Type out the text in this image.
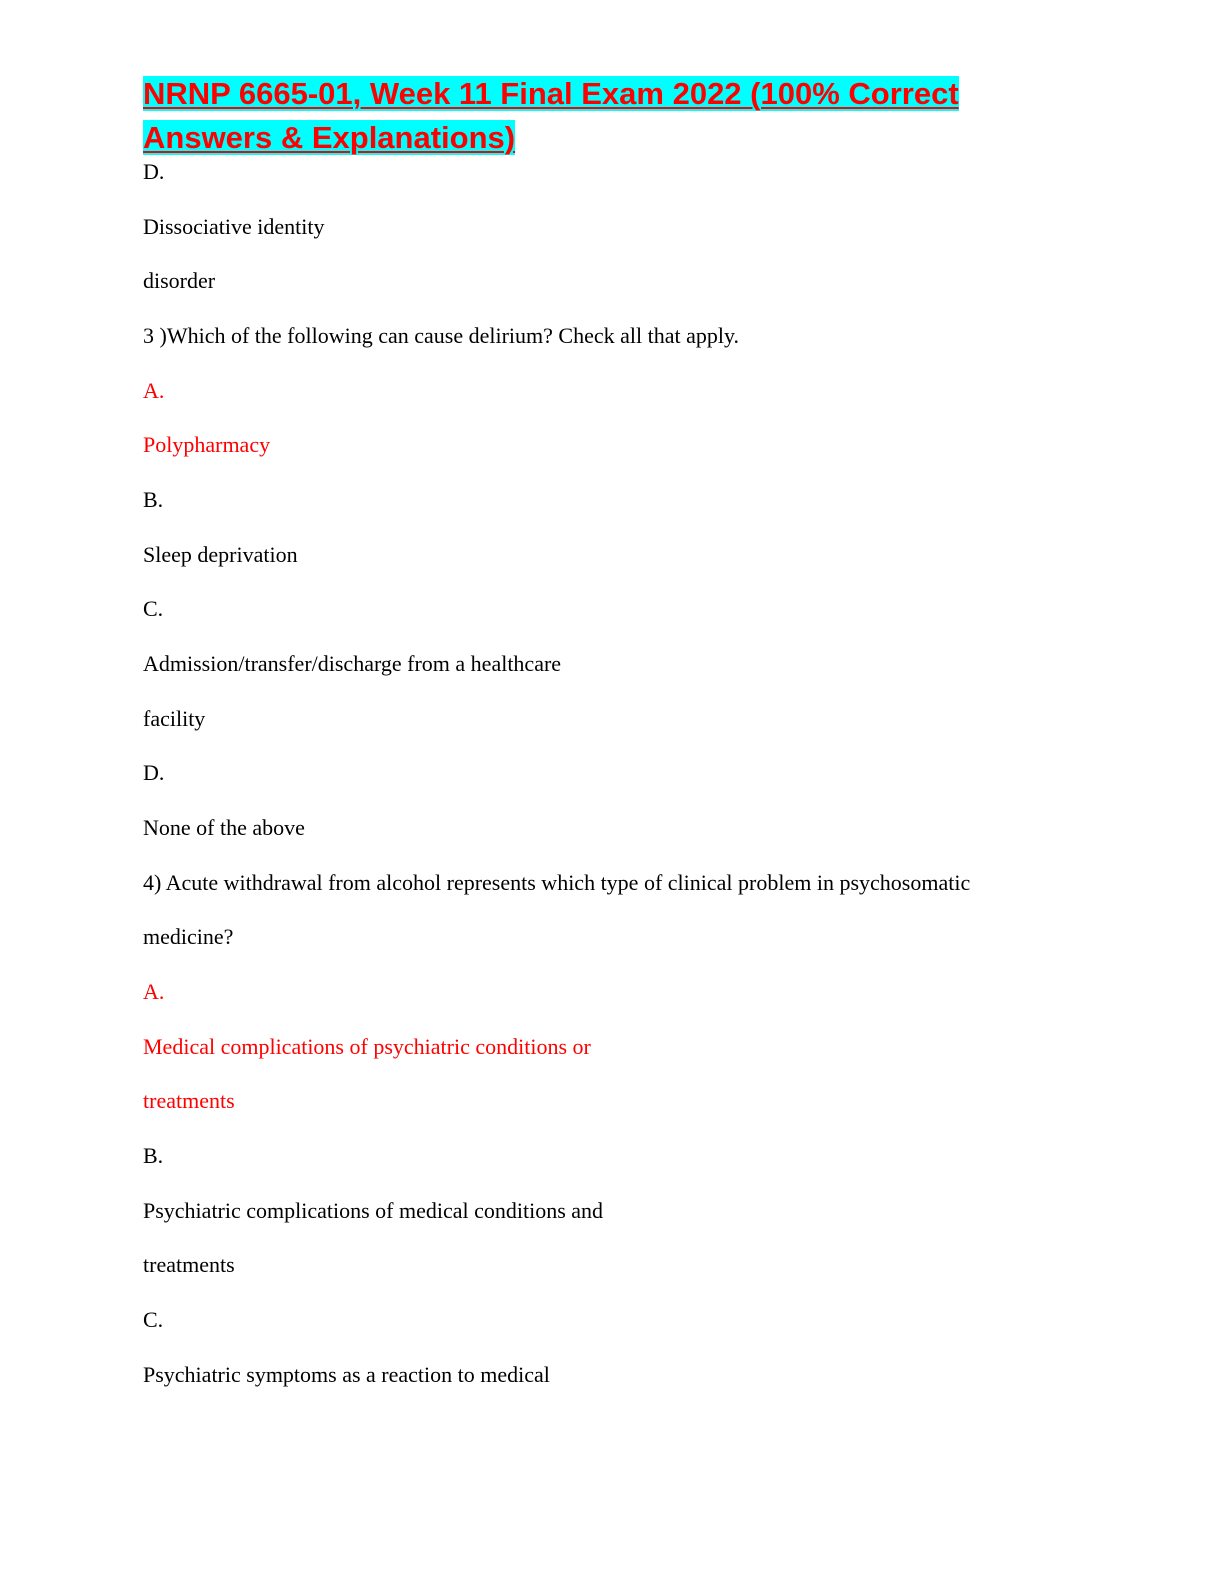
NRNP 6665-01, Week 11 Final Exam 2022 (100% Correct
Answers & Explanations)

D.

Dissociative identity

disorder

3 )Which of the following can cause delirium? Check all that apply.

A.

Polypharmacy

B.

Sleep deprivation

C.

Admission/transfer/discharge from a healthcare

facility

D.

None of the above

4) Acute withdrawal from alcohol represents which type of clinical problem in psychosomatic

medicine?

A.

Medical complications of psychiatric conditions or

treatments

B.

Psychiatric complications of medical conditions and

treatments

C.

Psychiatric symptoms as a reaction to medical
